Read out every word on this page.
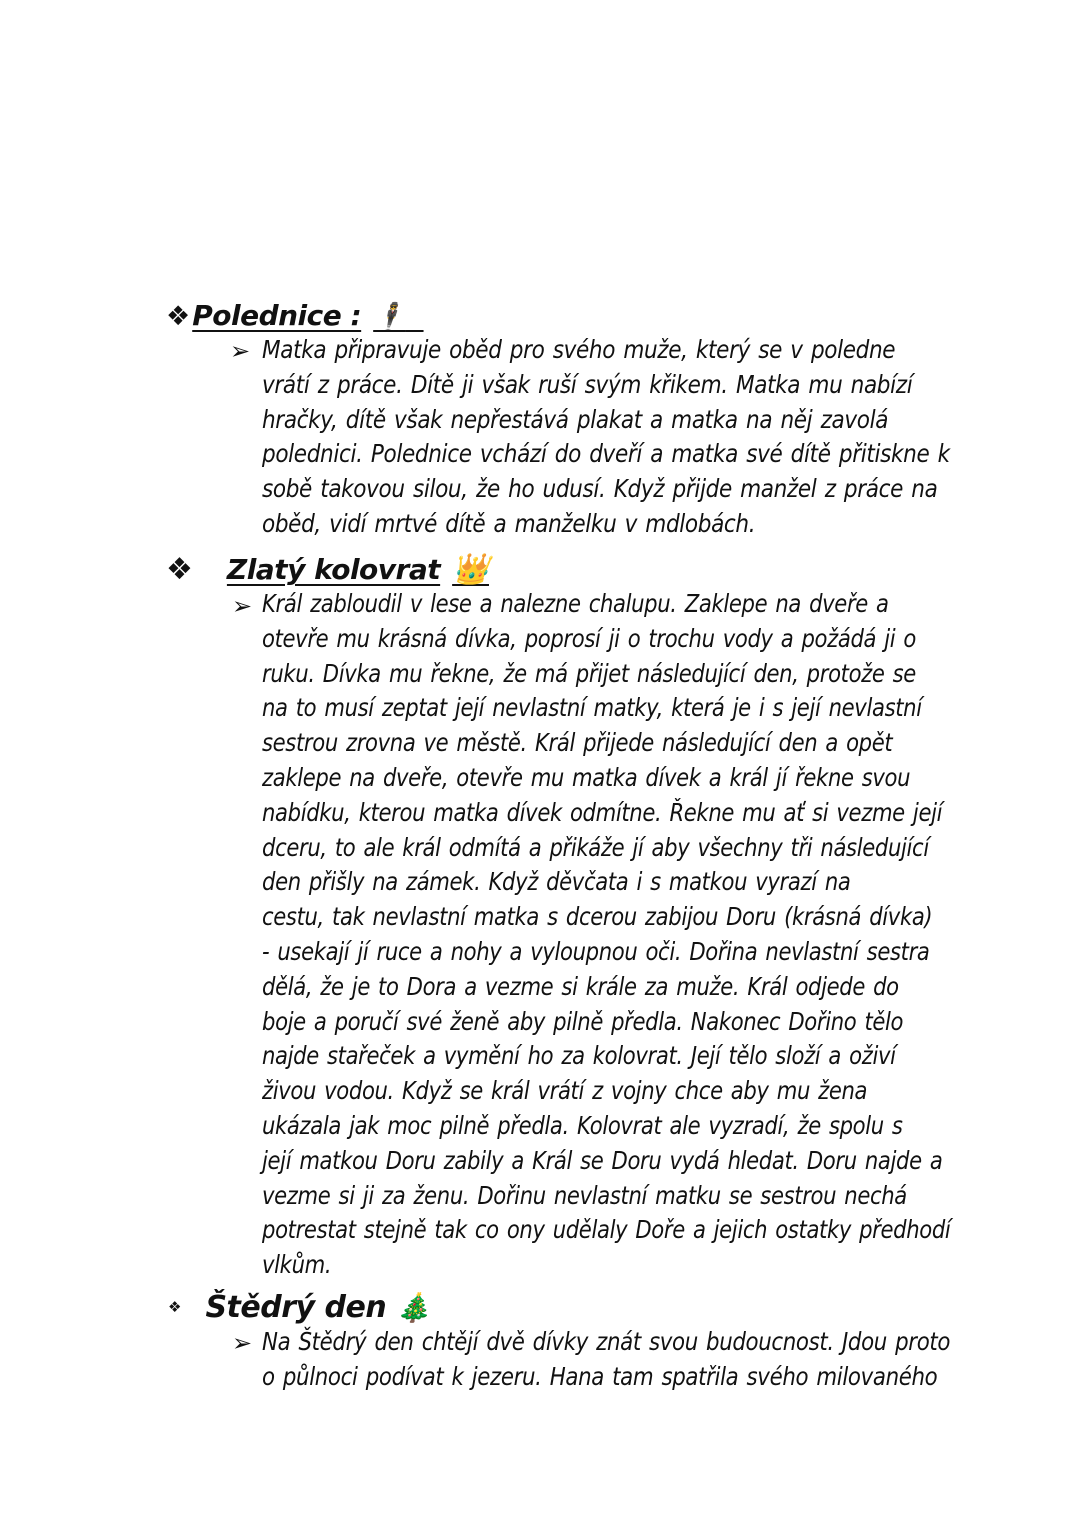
❖ Polednice : 🕴
➢ Matka připravuje oběd pro svého muže, který se v poledne
vrátí z práce. Dítě ji však ruší svým křikem. Matka mu nabízí
hračky, dítě však nepřestává plakat a matka na něj zavolá
polednici. Polednice vchází do dveří a matka své dítě přitiskne k
sobě takovou silou, že ho udusí. Když přijde manžel z práce na
oběd, vidí mrtvé dítě a manželku v mdlobách.
❖ Zlatý kolovrat 👑
➢ Král zabloudil v lese a nalezne chalupu. Zaklepe na dveře a
otevře mu krásná dívka, poprosí ji o trochu vody a požádá ji o
ruku. Dívka mu řekne, že má přijet následující den, protože se
na to musí zeptat její nevlastní matky, která je i s její nevlastní
sestrou zrovna ve městě. Král přijede následující den a opět
zaklepe na dveře, otevře mu matka dívek a král jí řekne svou
nabídku, kterou matka dívek odmítne. Řekne mu ať si vezme její
dceru, to ale král odmítá a přikáže jí aby všechny tři následující
den přišly na zámek. Když děvčata i s matkou vyrazí na
cestu, tak nevlastní matka s dcerou zabijou Doru (krásná dívka)
- usekají jí ruce a nohy a vyloupnou oči. Dořina nevlastní sestra
dělá, že je to Dora a vezme si krále za muže. Král odjede do
boje a poručí své ženě aby pilně předla. Nakonec Dořino tělo
najde stařeček a vymění ho za kolovrat. Její tělo složí a oživí
živou vodou. Když se král vrátí z vojny chce aby mu žena
ukázala jak moc pilně předla. Kolovrat ale vyzradí, že spolu s
její matkou Doru zabily a Král se Doru vydá hledat. Doru najde a
vezme si ji za ženu. Dořinu nevlastní matku se sestrou nechá
potrestat stejně tak co ony udělaly Doře a jejich ostatky předhodí
vlkům.
❖ Štědrý den 🎄
➢ Na Štědrý den chtějí dvě dívky znát svou budoucnost. Jdou proto
o půlnoci podívat k jezeru. Hana tam spatřila svého milovaného
